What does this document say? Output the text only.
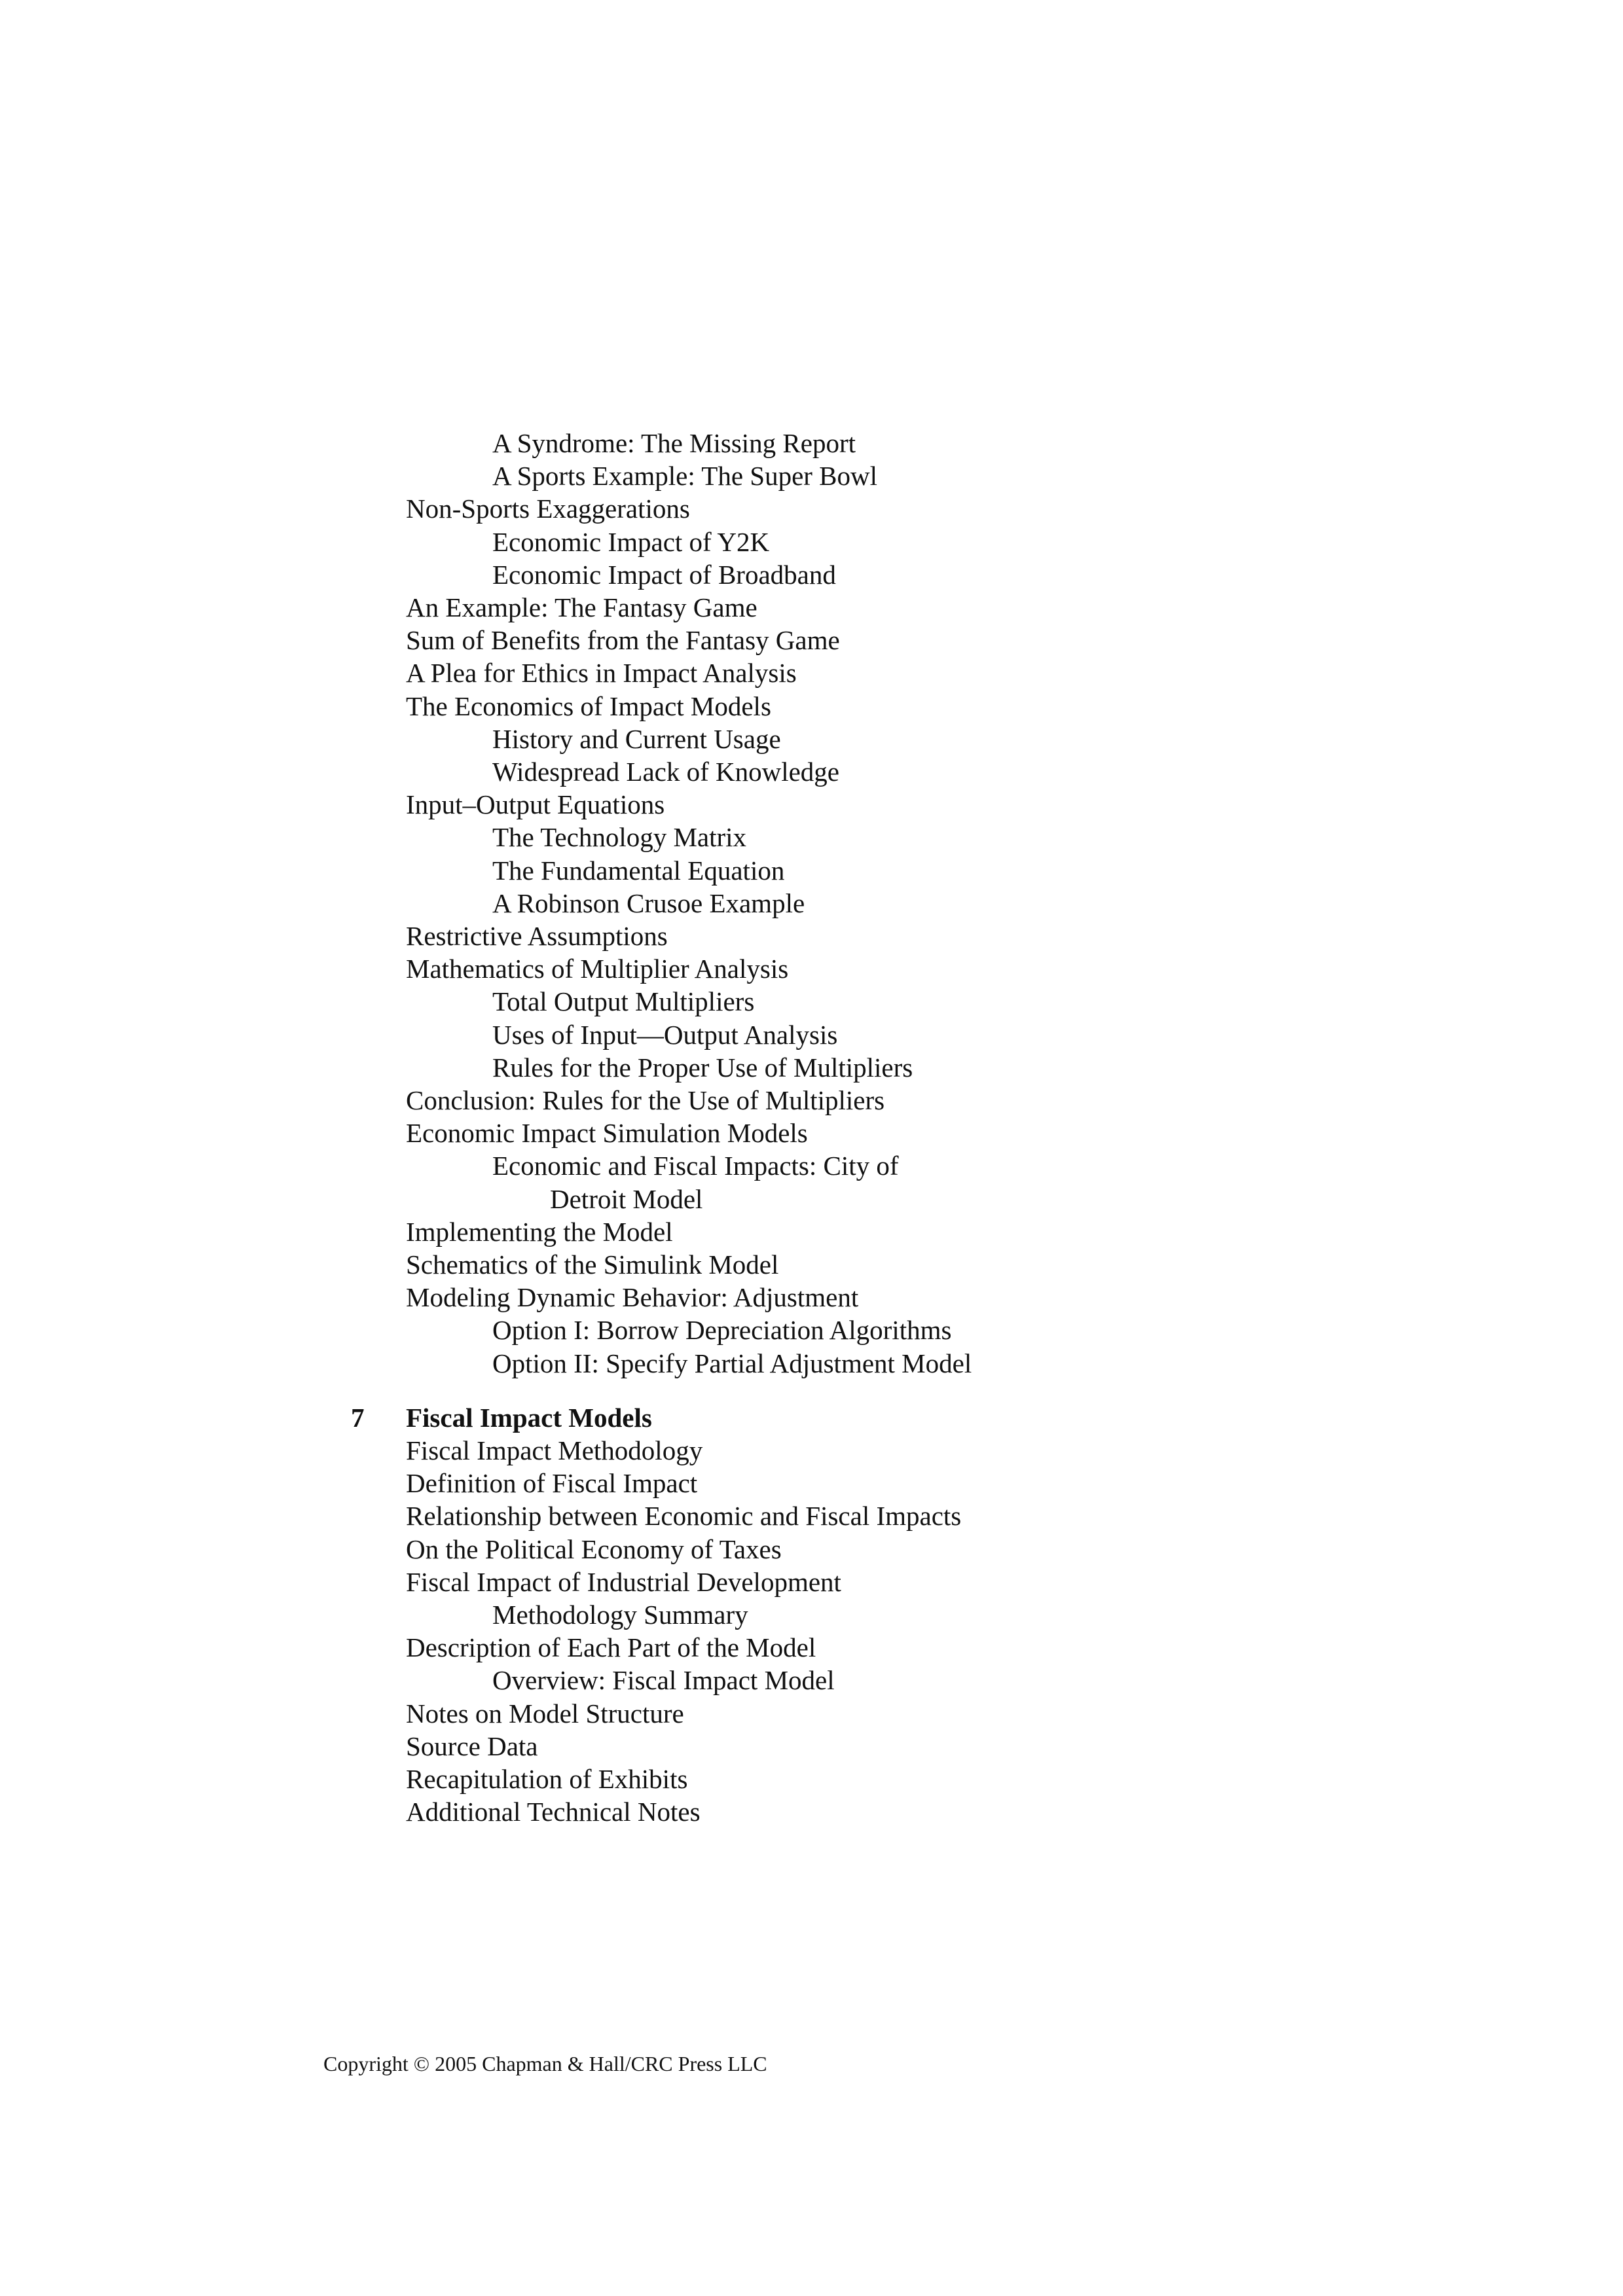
A Syndrome: The Missing Report
A Sports Example: The Super Bowl
Non-Sports Exaggerations
Economic Impact of Y2K
Economic Impact of Broadband
An Example: The Fantasy Game
Sum of Benefits from the Fantasy Game
A Plea for Ethics in Impact Analysis
The Economics of Impact Models
History and Current Usage
Widespread Lack of Knowledge
Input–Output Equations
The Technology Matrix
The Fundamental Equation
A Robinson Crusoe Example
Restrictive Assumptions
Mathematics of Multiplier Analysis
Total Output Multipliers
Uses of Input—Output Analysis
Rules for the Proper Use of Multipliers
Conclusion: Rules for the Use of Multipliers
Economic Impact Simulation Models
Economic and Fiscal Impacts: City of
Detroit Model
Implementing the Model
Schematics of the Simulink Model
Modeling Dynamic Behavior: Adjustment
Option I: Borrow Depreciation Algorithms
Option II: Specify Partial Adjustment Model
7 Fiscal Impact Models
Fiscal Impact Methodology
Definition of Fiscal Impact
Relationship between Economic and Fiscal Impacts
On the Political Economy of Taxes
Fiscal Impact of Industrial Development
Methodology Summary
Description of Each Part of the Model
Overview: Fiscal Impact Model
Notes on Model Structure
Source Data
Recapitulation of Exhibits
Additional Technical Notes
Copyright © 2005 Chapman & Hall/CRC Press LLC
